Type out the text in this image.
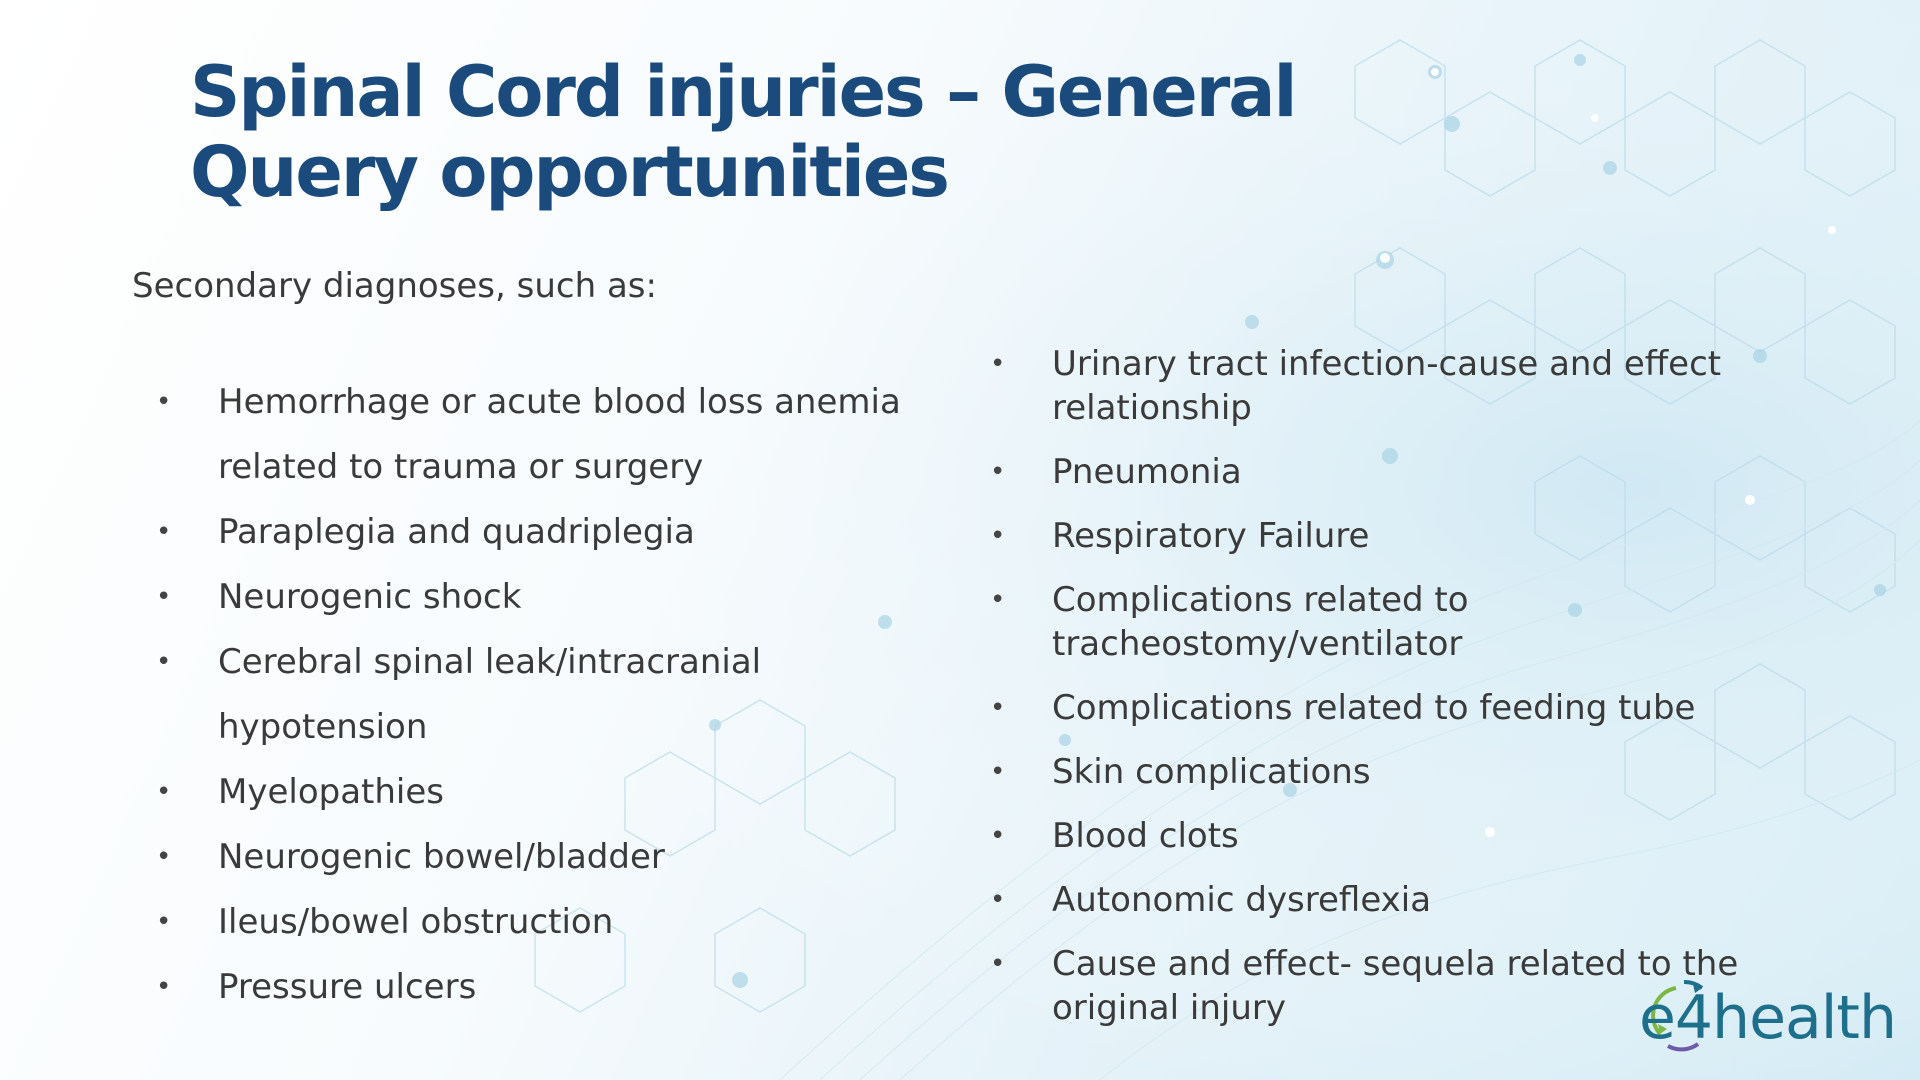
Spinal Cord injuries – General Query opportunities

Secondary diagnoses, such as:

• Hemorrhage or acute blood loss anemia related to trauma or surgery
• Paraplegia and quadriplegia
• Neurogenic shock
• Cerebral spinal leak/intracranial hypotension
• Myelopathies
• Neurogenic bowel/bladder
• Ileus/bowel obstruction
• Pressure ulcers
• Urinary tract infection-cause and effect relationship
• Pneumonia
• Respiratory Failure
• Complications related to tracheostomy/ventilator
• Complications related to feeding tube
• Skin complications
• Blood clots
• Autonomic dysreflexia
• Cause and effect- sequela related to the original injury	e4health
